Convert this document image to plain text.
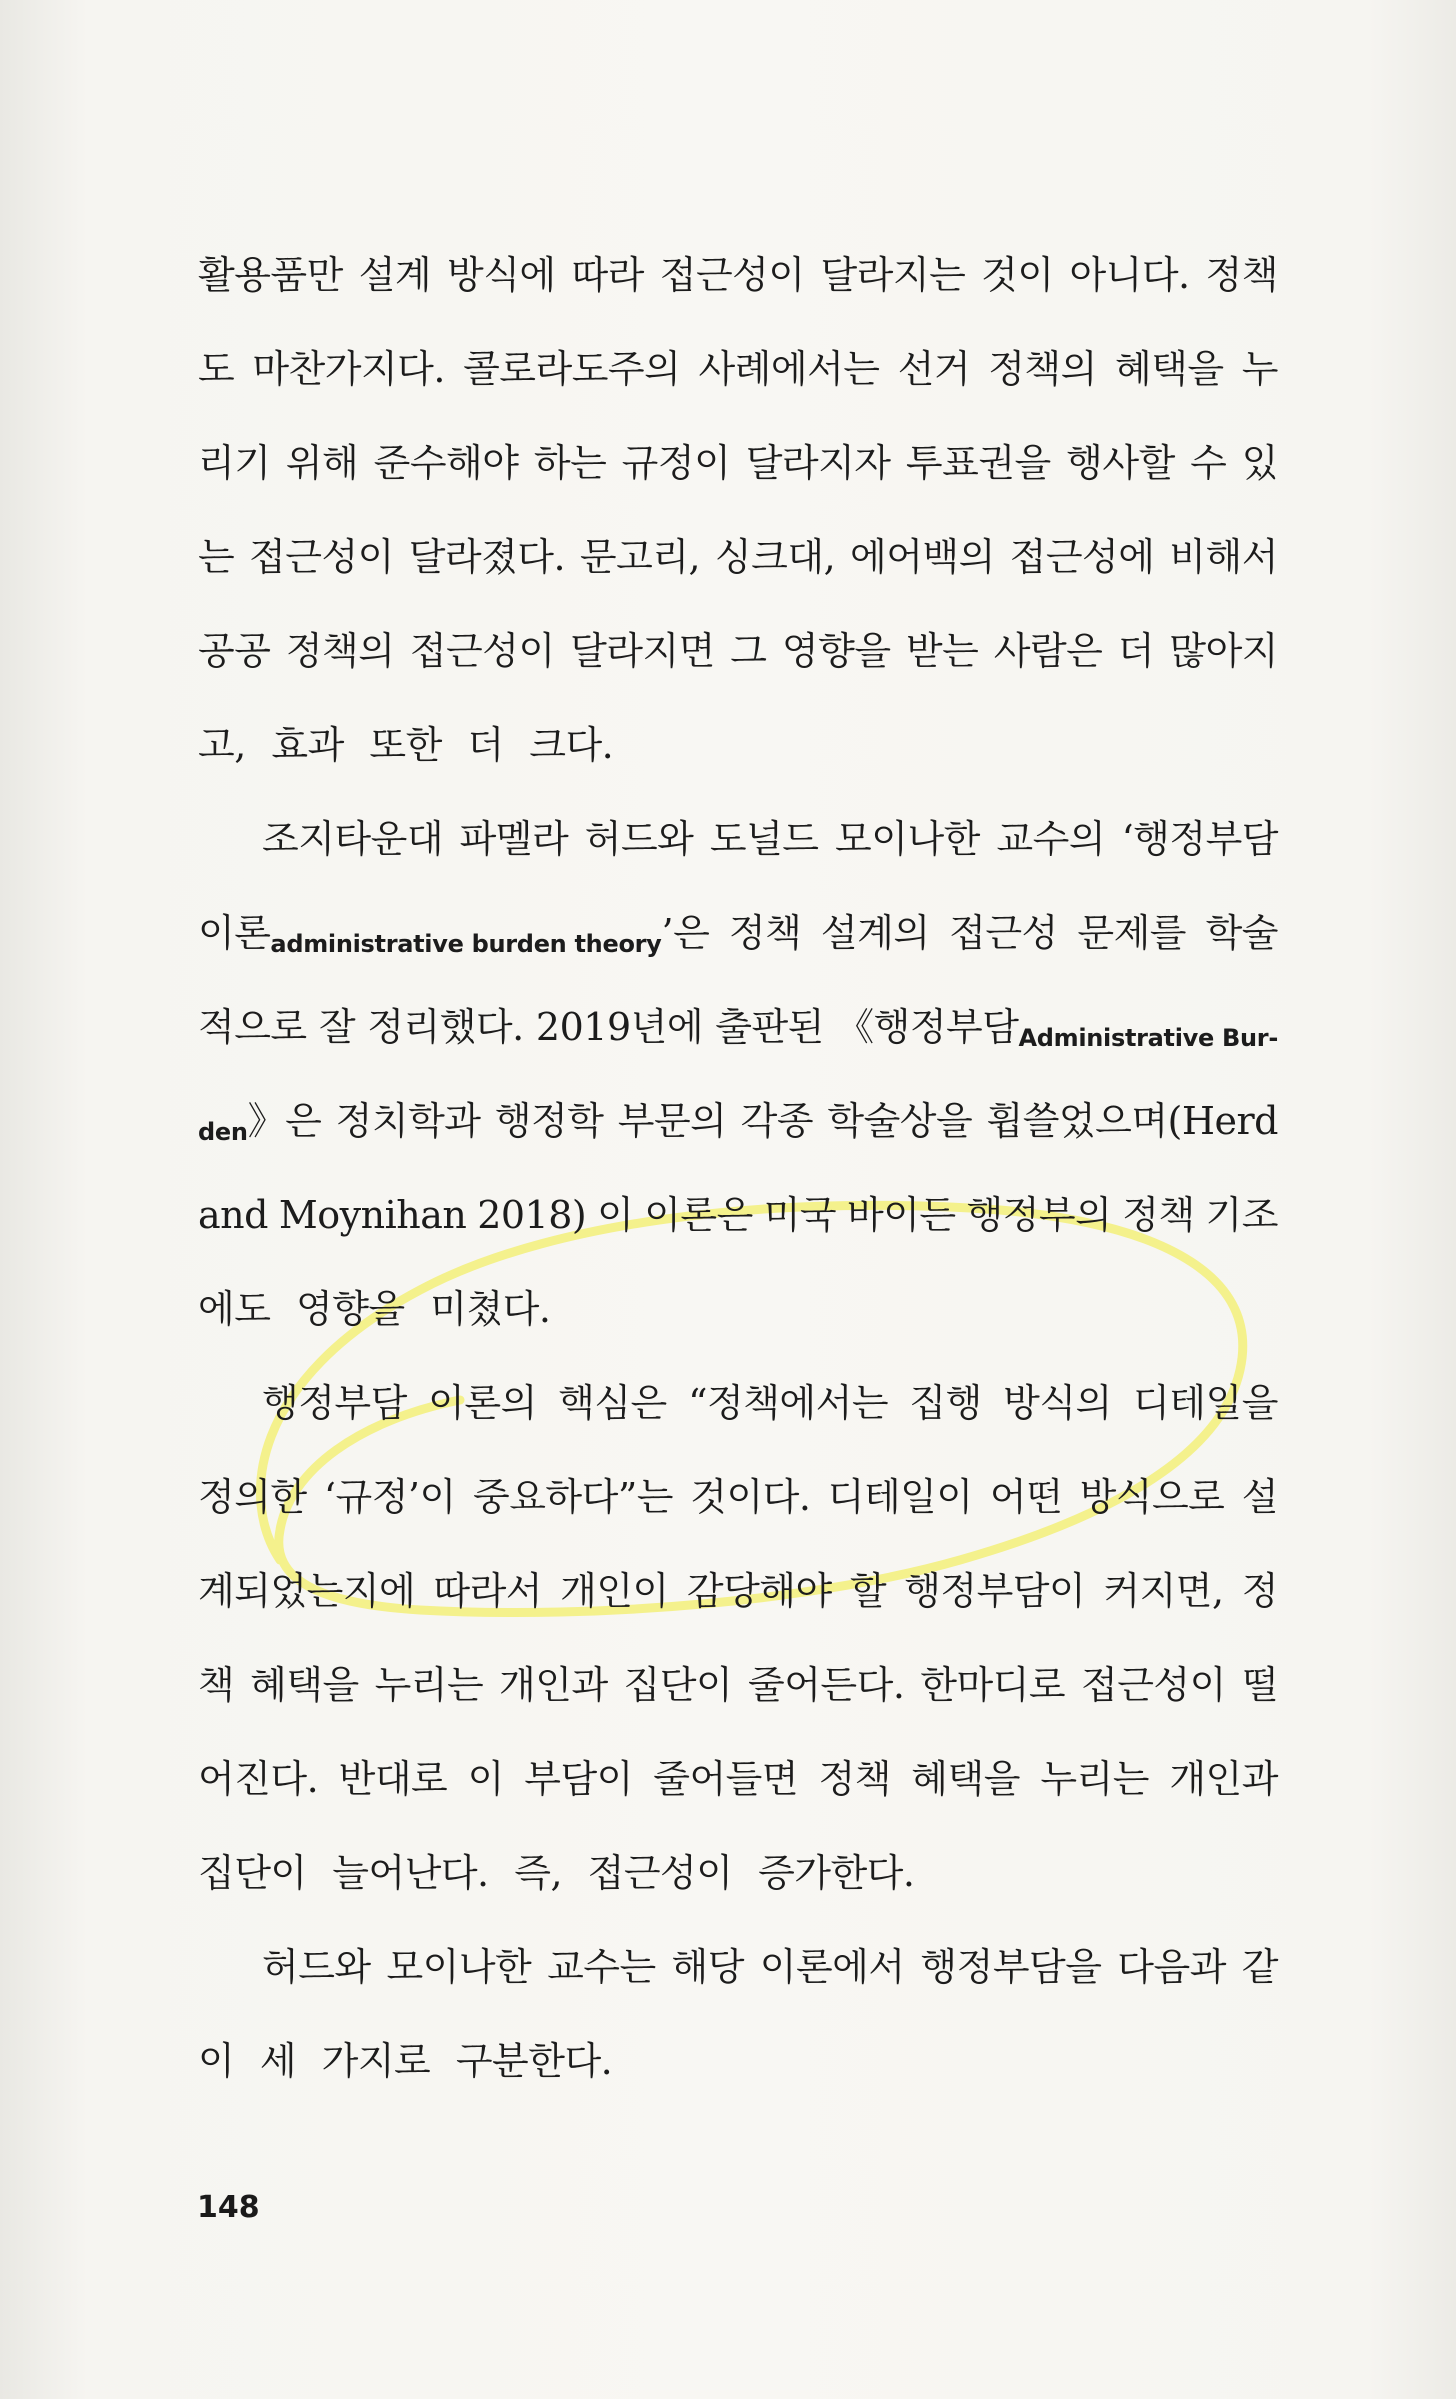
활용품만 설계 방식에 따라 접근성이 달라지는 것이 아니다. 정책
도 마찬가지다. 콜로라도주의 사례에서는 선거 정책의 혜택을 누
리기 위해 준수해야 하는 규정이 달라지자 투표권을 행사할 수 있
는 접근성이 달라졌다. 문고리, 싱크대, 에어백의 접근성에 비해서
공공 정책의 접근성이 달라지면 그 영향을 받는 사람은 더 많아지
고, 효과 또한 더 크다.
조지타운대 파멜라 허드와 도널드 모이나한 교수의 ‘행정부담
이론administrative burden theory’은 정책 설계의 접근성 문제를 학술
적으로 잘 정리했다. 2019년에 출판된 《행정부담Administrative Bur-
den》은 정치학과 행정학 부문의 각종 학술상을 휩쓸었으며(Herd
and Moynihan 2018) 이 이론은 미국 바이든 행정부의 정책 기조
에도 영향을 미쳤다.
행정부담 이론의 핵심은 “정책에서는 집행 방식의 디테일을
정의한 ‘규정’이 중요하다”는 것이다. 디테일이 어떤 방식으로 설
계되었는지에 따라서 개인이 감당해야 할 행정부담이 커지면, 정
책 혜택을 누리는 개인과 집단이 줄어든다. 한마디로 접근성이 떨
어진다. 반대로 이 부담이 줄어들면 정책 혜택을 누리는 개인과
집단이 늘어난다. 즉, 접근성이 증가한다.
허드와 모이나한 교수는 해당 이론에서 행정부담을 다음과 같
이 세 가지로 구분한다.
148
